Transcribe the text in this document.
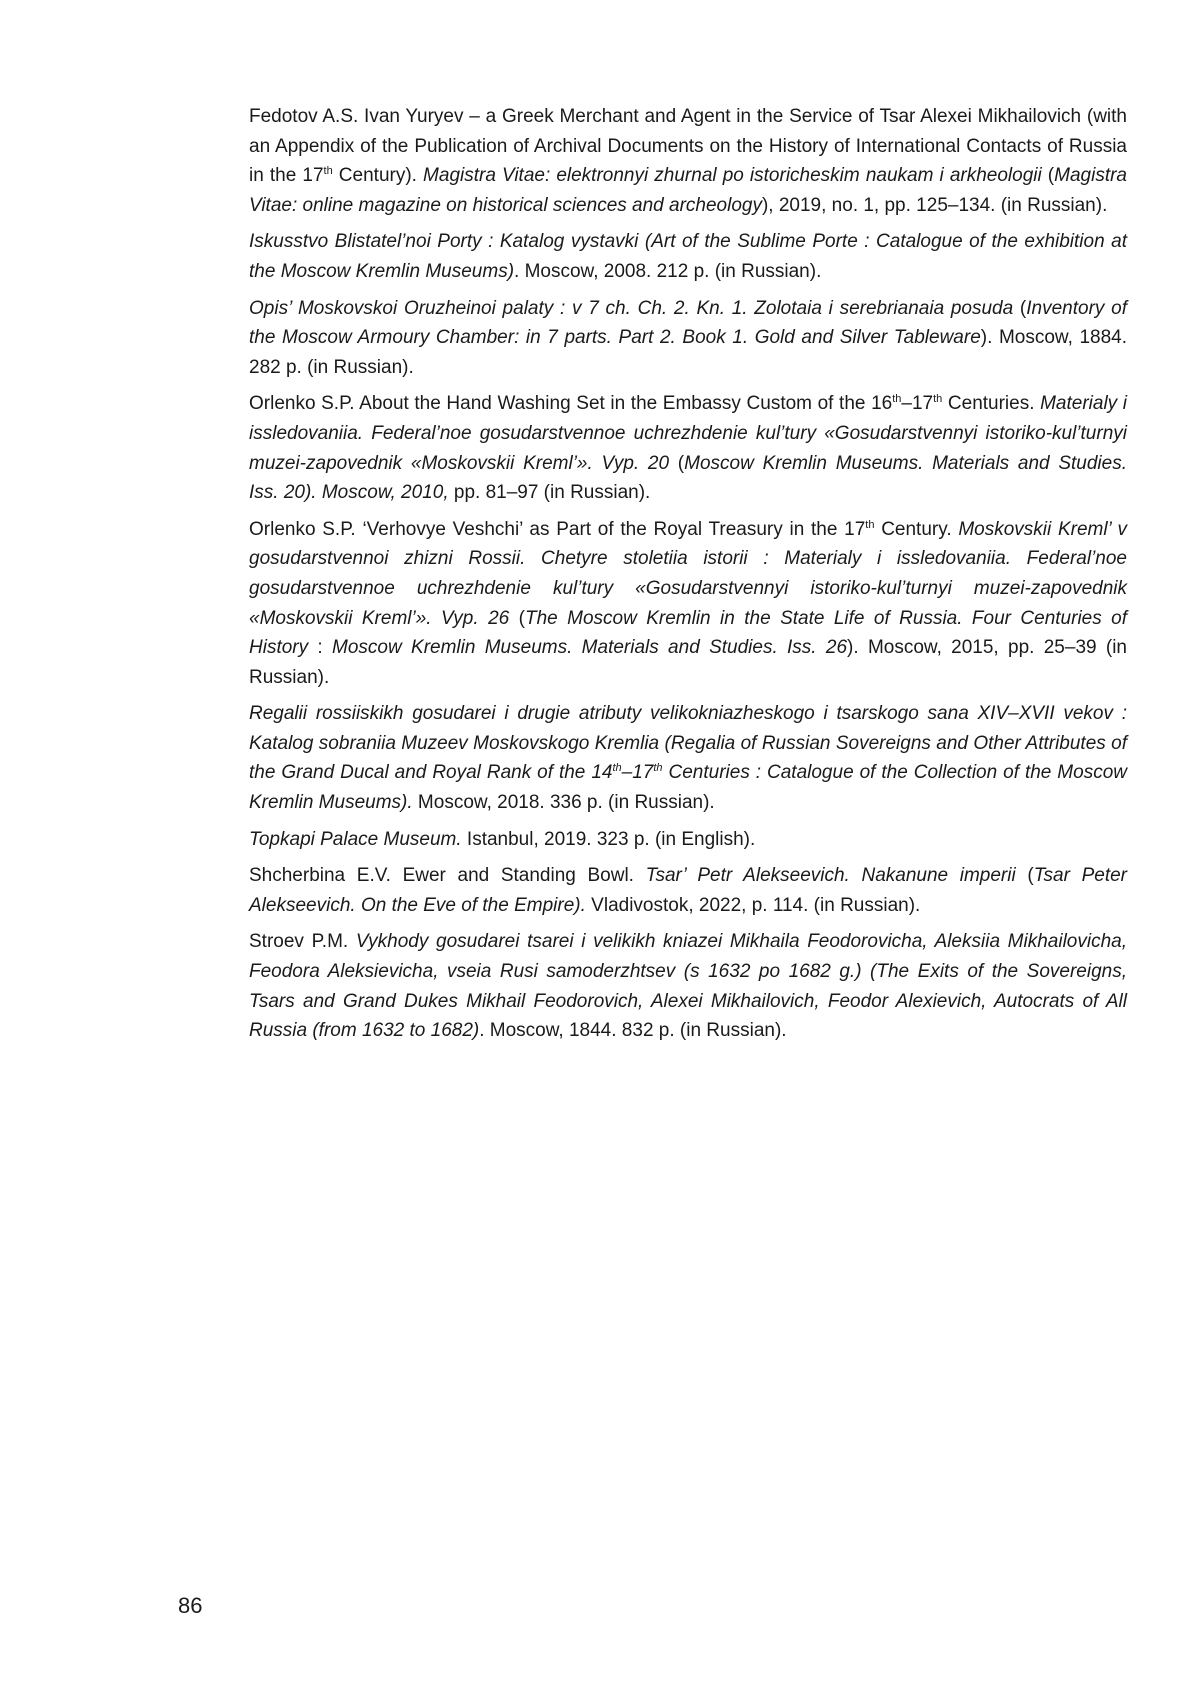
Fedotov A.S. Ivan Yuryev – a Greek Merchant and Agent in the Service of Tsar Alexei Mikhailovich (with an Appendix of the Publication of Archival Documents on the History of International Contacts of Russia in the 17th Century). Magistra Vitae: elektronnyi zhurnal po istoricheskim naukam i arkheologii (Magistra Vitae: online magazine on historical sciences and archeology), 2019, no. 1, pp. 125–134. (in Russian).

Iskusstvo Blistatel’noi Porty : Katalog vystavki (Art of the Sublime Porte : Catalogue of the exhibition at the Moscow Kremlin Museums). Moscow, 2008. 212 p. (in Russian).

Opis’ Moskovskoi Oruzheinoi palaty : v 7 ch. Ch. 2. Kn. 1. Zolotaia i serebrianaia posuda (Inventory of the Moscow Armoury Chamber: in 7 parts. Part 2. Book 1. Gold and Silver Tableware). Moscow, 1884. 282 p. (in Russian).

Orlenko S.P. About the Hand Washing Set in the Embassy Custom of the 16th–17th Centuries. Materialy i issledovaniia. Federal’noe gosudarstvennoe uchrezhdenie kul’tury «Gosudarstvennyi istoriko-kul’turnyi muzei-zapovednik «Moskovskii Kreml’». Vyp. 20 (Moscow Kremlin Museums. Materials and Studies. Iss. 20). Moscow, 2010, pp. 81–97 (in Russian).

Orlenko S.P. ‘Verhovye Veshchi’ as Part of the Royal Treasury in the 17th Century. Moskovskii Kreml’ v gosudarstvennoi zhizni Rossii. Chetyre stoletiia istorii : Materialy i issledovaniia. Federal’noe gosudarstvennoe uchrezhdenie kul’tury «Gosudarstvennyi istoriko-kul’turnyi muzei-zapovednik «Moskovskii Kreml’». Vyp. 26 (The Moscow Kremlin in the State Life of Russia. Four Centuries of History : Moscow Kremlin Museums. Materials and Studies. Iss. 26). Moscow, 2015, pp. 25–39 (in Russian).

Regalii rossiiskikh gosudarei i drugie atributy velikokniazheskogo i tsarskogo sana XIV–XVII vekov : Katalog sobraniia Muzeev Moskovskogo Kremlia (Regalia of Russian Sovereigns and Other Attributes of the Grand Ducal and Royal Rank of the 14th–17th Centuries : Catalogue of the Collection of the Moscow Kremlin Museums). Moscow, 2018. 336 p. (in Russian).

Topkapi Palace Museum. Istanbul, 2019. 323 p. (in English).

Shcherbina E.V. Ewer and Standing Bowl. Tsar’ Petr Alekseevich. Nakanune imperii (Tsar Peter Alekseevich. On the Eve of the Empire). Vladivostok, 2022, p. 114. (in Russian).

Stroev P.M. Vykhody gosudarei tsarei i velikikh kniazei Mikhaila Feodorovicha, Aleksiia Mikhailovicha, Feodora Aleksievicha, vseia Rusi samoderzhtsev (s 1632 po 1682 g.) (The Exits of the Sovereigns, Tsars and Grand Dukes Mikhail Feodorovich, Alexei Mikhailovich, Feodor Alexievich, Autocrats of All Russia (from 1632 to 1682). Moscow, 1844. 832 p. (in Russian).

86
